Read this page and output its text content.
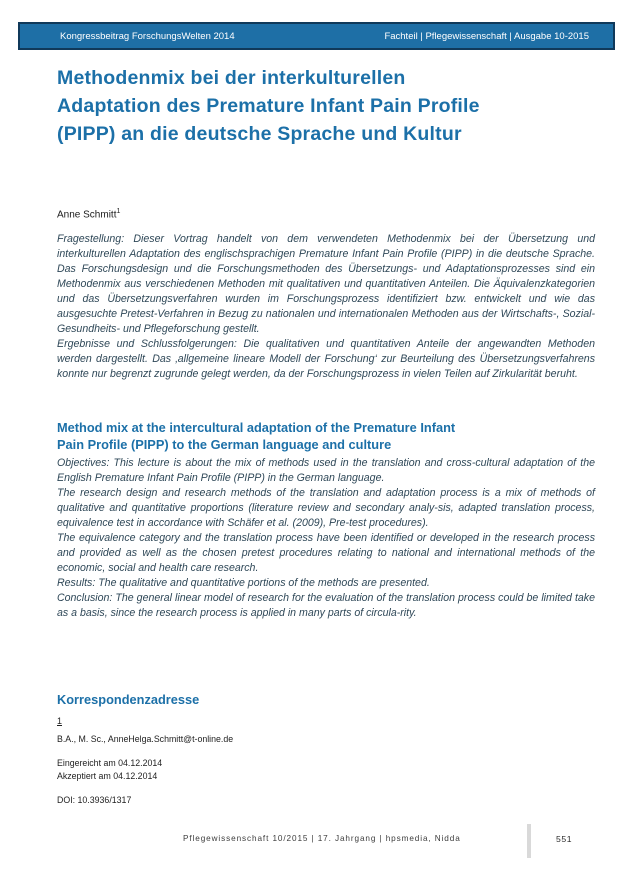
Kongressbeitrag ForschungsWelten 2014	Fachteil | Pflegewissenschaft | Ausgabe 10-2015
Methodenmix bei der interkulturellen
Adaptation des Premature Infant Pain Profile
(PIPP) an die deutsche Sprache und Kultur
Anne Schmitt$^1$

Fragestellung: Dieser Vortrag handelt von dem verwendeten Methodenmix bei der Übersetzung und interkulturellen Adaptation des englischsprachigen Premature Infant Pain Profile (PIPP) in die deutsche Sprache. Das Forschungsdesign und die Forschungsmethoden des Übersetzungs- und Adaptationsprozesses sind ein Methodenmix aus verschiedenen Methoden mit qualitativen und quantitativen Anteilen. Die Äquivalenzkategorien und das Übersetzungsverfahren wurden im Forschungsprozess identifiziert bzw. entwickelt und wie das ausgesuchte Pretest-Verfahren in Bezug zu nationalen und internationalen Methoden aus der Wirtschafts-, Sozial- Gesundheits- und Pflegeforschung gestellt.

Ergebnisse und Schlussfolgerungen: Die qualitativen und quantitativen Anteile der angewandten Methoden werden dargestellt. Das ‚allgemeine lineare Modell der Forschung‘ zur Beurteilung des Übersetzungsverfahrens konnte nur begrenzt zugrunde gelegt werden, da der Forschungsprozess in vielen Teilen auf Zirkularität beruht.

Method mix at the intercultural adaptation of the Premature Infant
Pain Profile (PIPP) to the German language and culture

Objectives: This lecture is about the mix of methods used in the translation and cross-cultural adaptation of the English Premature Infant Pain Profile (PIPP) in the German language.

The research design and research methods of the translation and adaptation process is a mix of methods of qualitative and quantitative proportions (literature review and secondary analy-sis, adapted translation process, equivalence test in accordance with Schäfer et al. (2009), Pre-test procedures).

The equivalence category and the translation process have been identified or developed in the research process and provided as well as the chosen pretest procedures relating to national and international methods of the economic, social and health care research.

Results: The qualitative and quantitative portions of the methods are presented.

Conclusion: The general linear model of research for the evaluation of the translation process could be limited take as a basis, since the research process is applied in many parts of circula-rity.

Korrespondenzadresse
1
B.A., M. Sc., AnneHelga.Schmitt@t-online.de
Eingereicht am 04.12.2014
Akzeptiert am 04.12.2014
DOI: 10.3936/1317
Pflegewissenschaft 10/2015 | 17. Jahrgang | hpsmedia, Nidda	551
